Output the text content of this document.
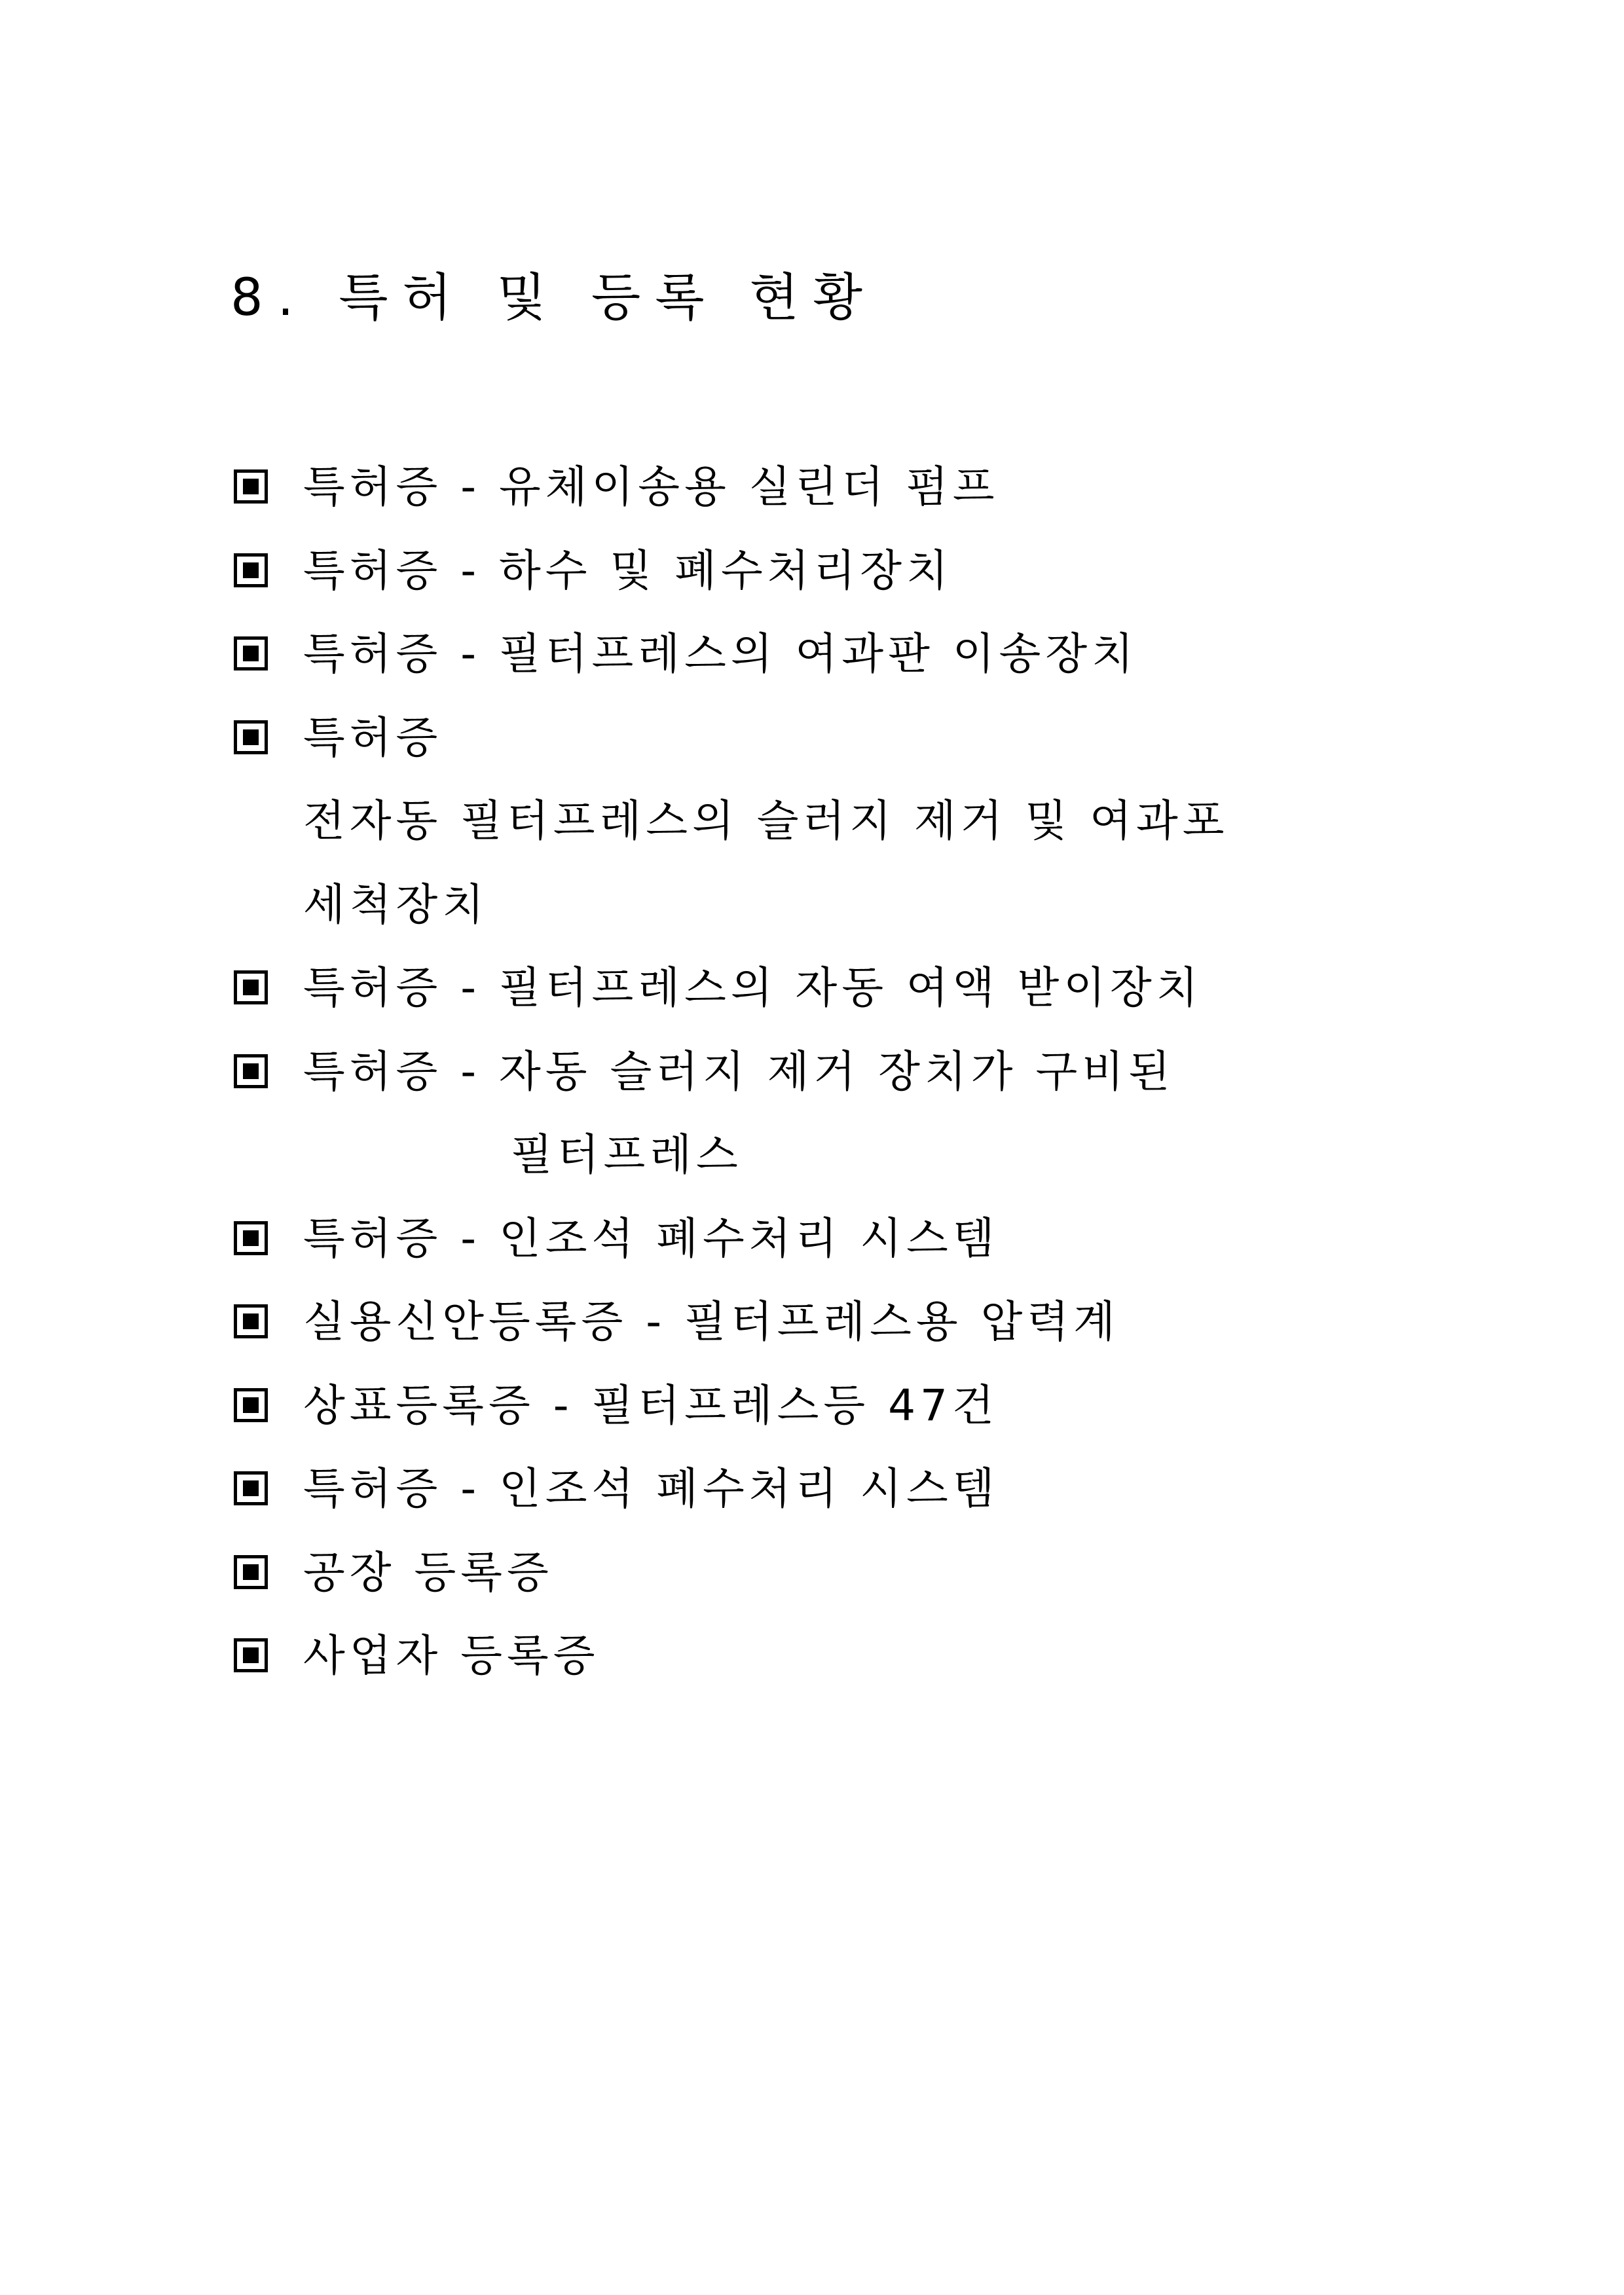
8. 특허 및 등록 현황
특허증 - 유체이송용 실린더 펌프
특허증 - 하수 및 폐수처리장치
특허증 - 필터프레스의 여과판 이송장치
특허증
전자동 필터프레스의 슬러지 제거 및 여과포
세척장치
특허증 - 필터프레스의 자동 여액 받이장치
특허증 - 자동 슬러지 제거 장치가 구비된
필터프레스
특허증 - 인조석 폐수처리 시스템
실용신안등록증 - 필터프레스용 압력계
상표등록증 - 필터프레스등 47건
특허증 - 인조석 폐수처리 시스템
공장 등록증
사업자 등록증
